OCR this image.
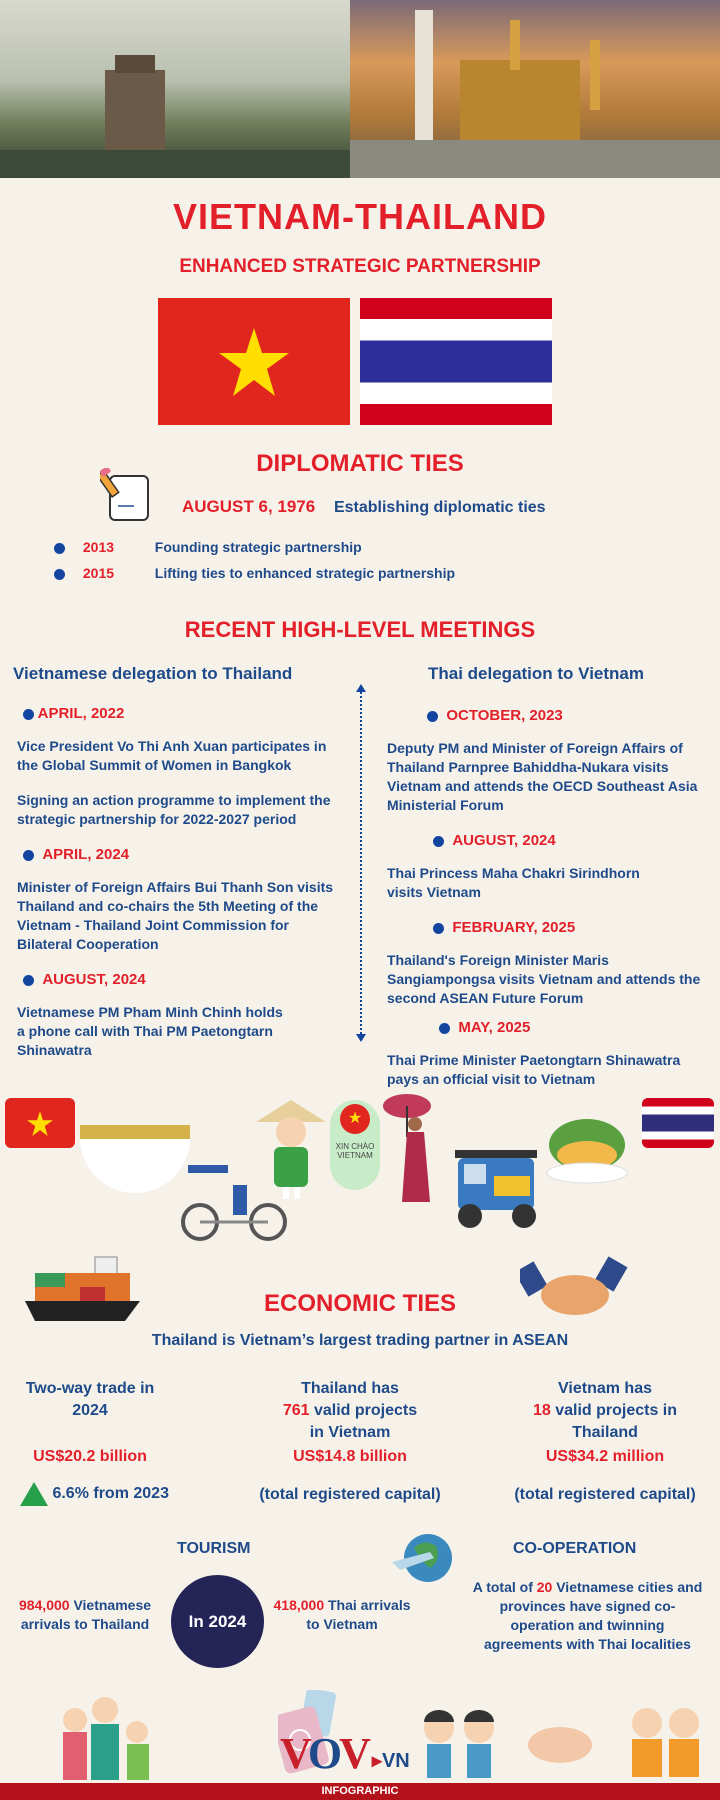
VIETNAM-THAILAND
ENHANCED STRATEGIC PARTNERSHIP
DIPLOMATIC TIES
AUGUST 6, 1976 Establishing diplomatic ties
2013	Founding strategic partnership
2015	Lifting ties to enhanced strategic partnership
RECENT HIGH-LEVEL MEETINGS
Vietnamese delegation to Thailand	Thai delegation to Vietnam
APRIL, 2022

Vice President Vo Thi Anh Xuan participates in the Global Summit of Women in Bangkok

Signing an action programme to implement the strategic partnership for 2022-2027 period

APRIL, 2024

Minister of Foreign Affairs Bui Thanh Son visits Thailand and co-chairs the 5th Meeting of the Vietnam - Thailand Joint Commission for Bilateral Cooperation

AUGUST, 2024

Vietnamese PM Pham Minh Chinh holds a phone call with Thai PM Paetongtarn Shinawatra

OCTOBER, 2023

Deputy PM and Minister of Foreign Affairs of Thailand Parnpree Bahiddha-Nukara visits Vietnam and attends the OECD Southeast Asia Ministerial Forum

AUGUST, 2024

Thai Princess Maha Chakri Sirindhorn visits Vietnam

FEBRUARY, 2025

Thailand's Foreign Minister Maris Sangiampongsa visits Vietnam and attends the second ASEAN Future Forum

MAY, 2025

Thai Prime Minister Paetongtarn Shinawatra pays an official visit to Vietnam

★
XIN CHÀO VIETNAM
ECONOMIC TIES
Thailand is Vietnam’s largest trading partner in ASEAN
Two-way trade in 2024
US$20.2 billion
6.6% from 2023
Thailand has
761 valid projects in Vietnam
US$14.8 billion
(total registered capital)
Vietnam has
18 valid projects in Thailand
US$34.2 million
(total registered capital)
TOURISM
984,000 Vietnamese arrivals to Thailand	In 2024
418,000 Thai arrivals to Vietnam
CO-OPERATION
A total of 20 Vietnamese cities and provinces have signed co-operation and twinning agreements with Thai localities
VOV ▸VN
INFOGRAPHIC
